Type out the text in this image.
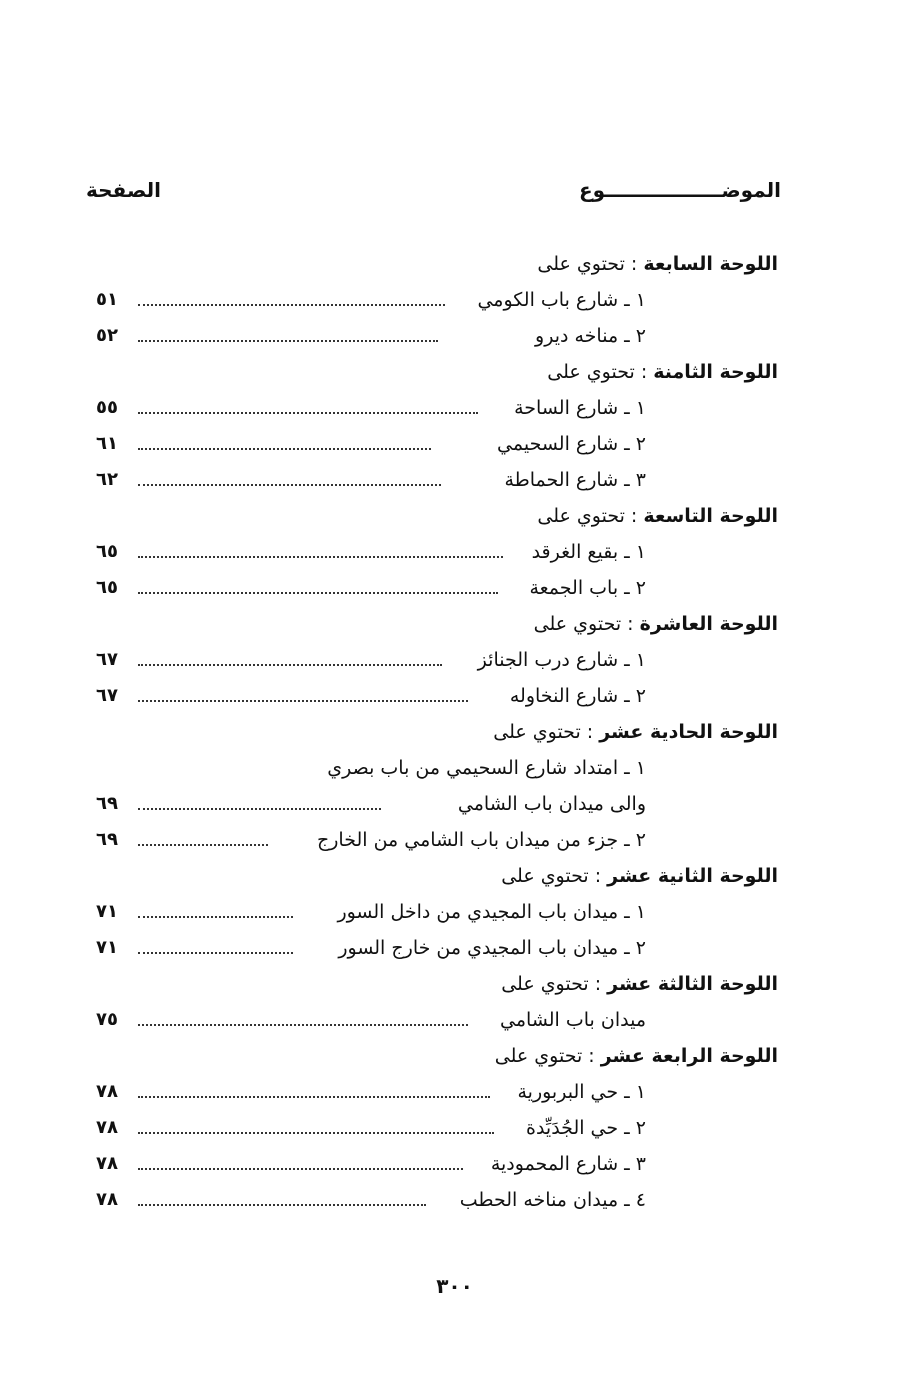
الموضـــــــــــــــــوع
الصفحة
اللوحة السابعة : تحتوي على
١ ـ شارع باب الكومي
٥١
٢ ـ مناخه ديرو
٥٢
اللوحة الثامنة : تحتوي على
١ ـ شارع الساحة
٥٥
٢ ـ شارع السحيمي
٦١
٣ ـ شارع الحماطة
٦٢
اللوحة التاسعة : تحتوي على
١ ـ بقيع الغرقد
٦٥
٢ ـ باب الجمعة
٦٥
اللوحة العاشرة : تحتوي على
١ ـ شارع درب الجنائز
٦٧
٢ ـ شارع النخاوله
٦٧
اللوحة الحادية عشر : تحتوي على
١ ـ امتداد شارع السحيمي من باب بصري
والى ميدان باب الشامي
٦٩
٢ ـ جزء من ميدان باب الشامي من الخارج
٦٩
اللوحة الثانية عشر : تحتوي على
١ ـ ميدان باب المجيدي من داخل السور
٧١
٢ ـ ميدان باب المجيدي من خارج السور
٧١
اللوحة الثالثة عشر : تحتوي على
ميدان باب الشامي
٧٥
اللوحة الرابعة عشر : تحتوي على
١ ـ حي البربورية
٧٨
٢ ـ حي الجُدَيِّدة
٧٨
٣ ـ شارع المحمودية
٧٨
٤ ـ ميدان مناخه الحطب
٧٨
٣٠٠
